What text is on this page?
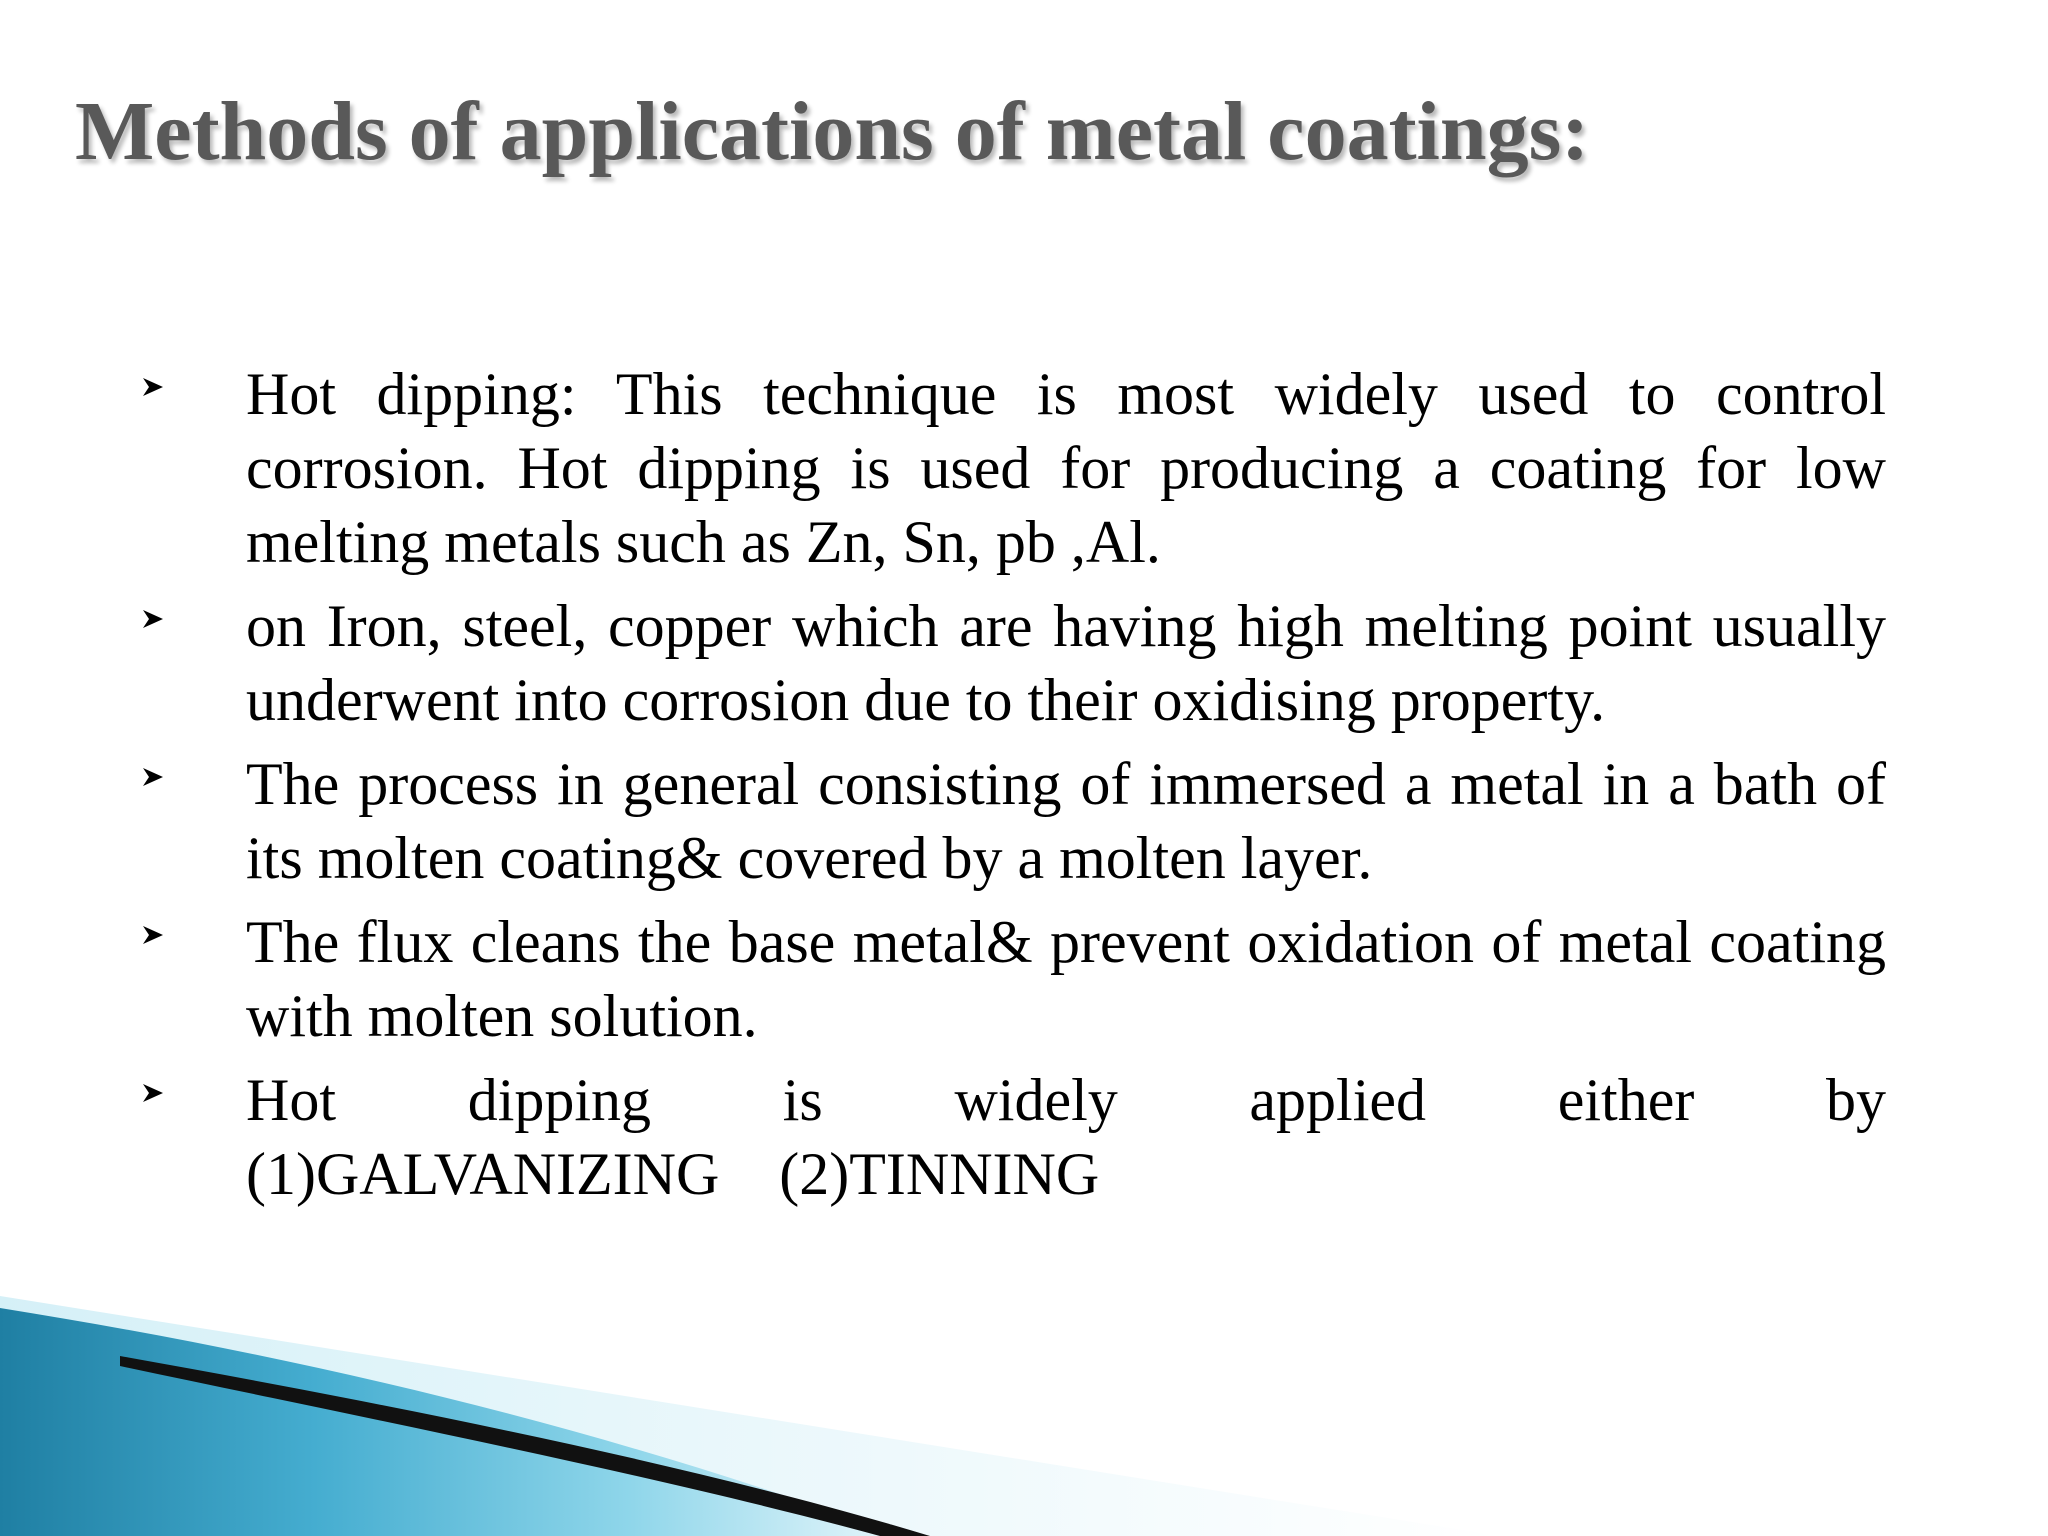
Methods of applications of metal coatings:
Hot dipping: This technique is most widely used to control corrosion. Hot dipping is used for producing a coating for low melting metals such as Zn, Sn, pb ,Al.
on Iron, steel, copper which are having high melting point usually underwent into corrosion due to their oxidising property.
The process in general consisting of immersed a metal in a bath of its molten coating& covered by a molten layer.
The flux cleans the base metal& prevent oxidation of metal coating with molten solution.
Hot dipping is widely applied either by
(1)GALVANIZING    (2)TINNING
